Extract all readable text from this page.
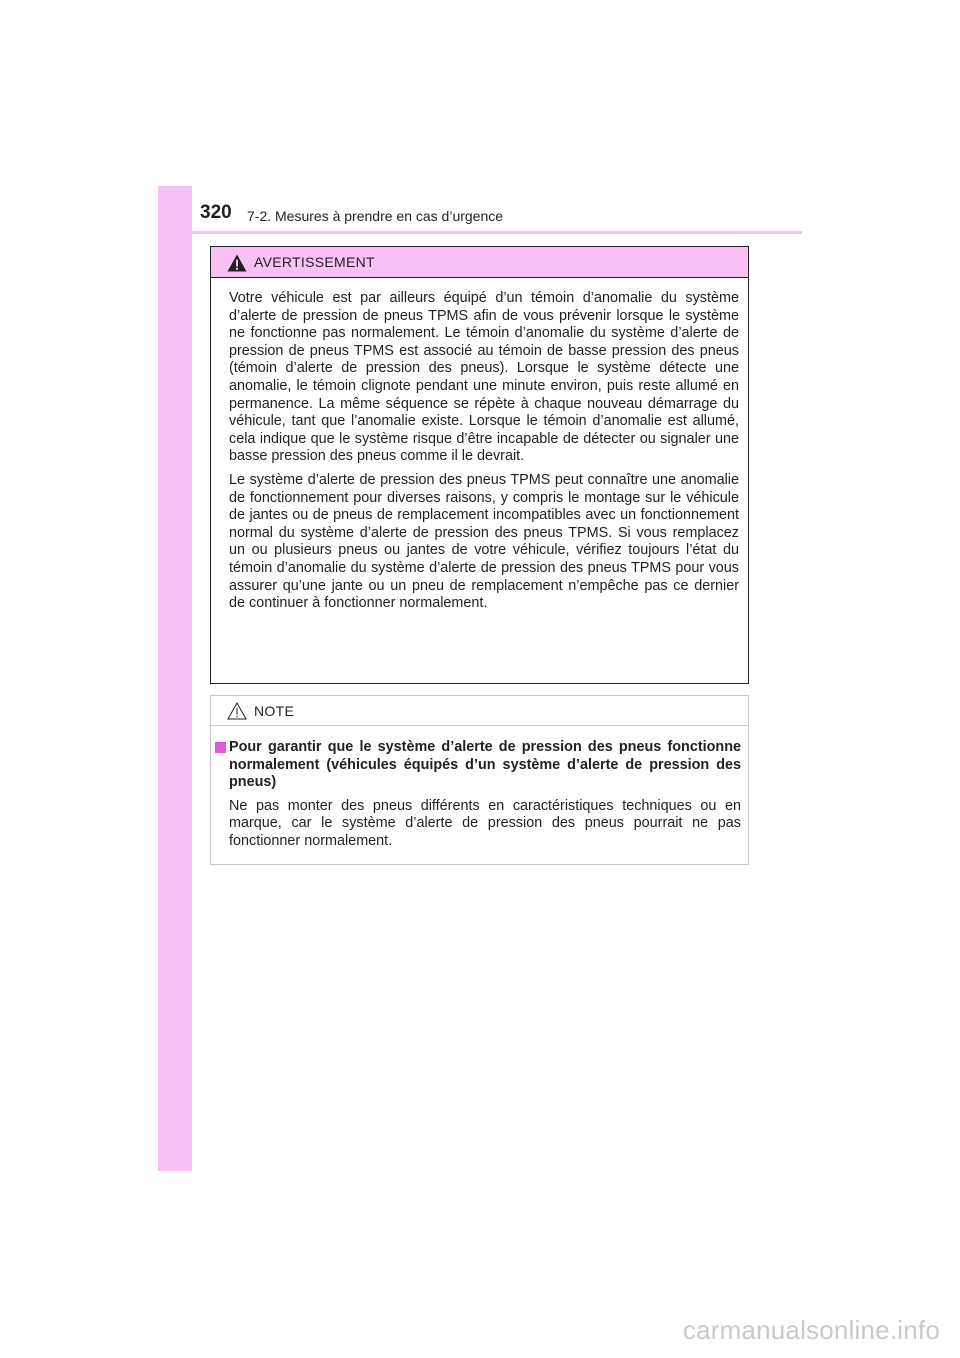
320 7-2. Mesures à prendre en cas d’urgence
AVERTISSEMENT

Votre véhicule est par ailleurs équipé d’un témoin d’anomalie du système d’alerte de pression de pneus TPMS afin de vous prévenir lorsque le système ne fonctionne pas normalement. Le témoin d’anomalie du système d’alerte de pression de pneus TPMS est associé au témoin de basse pression des pneus (témoin d’alerte de pression des pneus). Lorsque le système détecte une anomalie, le témoin clignote pendant une minute environ, puis reste allumé en permanence. La même séquence se répète à chaque nouveau démarrage du véhicule, tant que l’anomalie existe. Lorsque le témoin d’anomalie est allumé, cela indique que le système risque d’être incapable de détecter ou signaler une basse pression des pneus comme il le devrait.

Le système d’alerte de pression des pneus TPMS peut connaître une anomalie de fonctionnement pour diverses raisons, y compris le montage sur le véhicule de jantes ou de pneus de remplacement incompatibles avec un fonctionnement normal du système d’alerte de pression des pneus TPMS. Si vous remplacez un ou plusieurs pneus ou jantes de votre véhicule, vérifiez toujours l’état du témoin d’anomalie du système d’alerte de pression des pneus TPMS pour vous assurer qu’une jante ou un pneu de remplacement n’empêche pas ce dernier de continuer à fonctionner normalement.

NOTE
Pour garantir que le système d’alerte de pression des pneus fonctionne normalement (véhicules équipés d’un système d’alerte de pression des pneus)

Ne pas monter des pneus différents en caractéristiques techniques ou en marque, car le système d’alerte de pression des pneus pourrait ne pas fonctionner normalement.

carmanualsonline.info
